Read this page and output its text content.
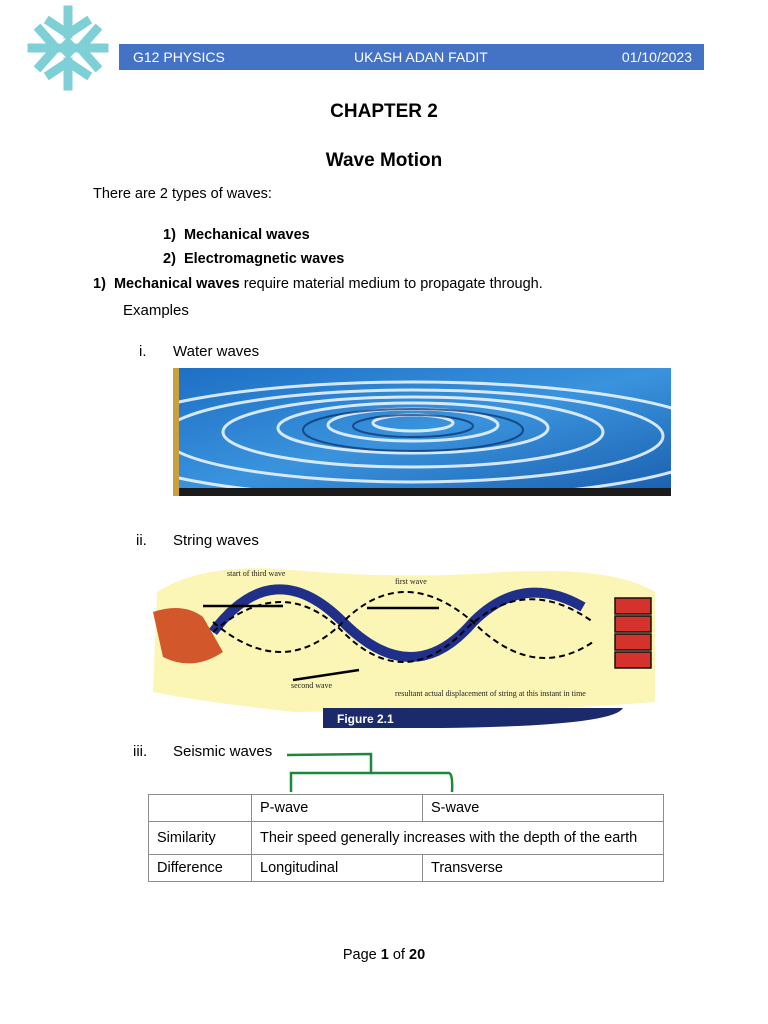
G12 PHYSICS	UKASH ADAN FADIT	01/10/2023
CHAPTER 2
Wave Motion
There are 2 types of waves:
1) Mechanical waves
2) Electromagnetic waves
1) Mechanical waves require material medium to propagate through.
Examples
i. Water waves
ii. String waves
start of third wave
first wave
second wave
resultant actual displacement of string at this instant in time
Figure 2.1
iii. Seismic waves
	P-wave	S-wave
Similarity	Their speed generally increases with the depth of the earth	
Difference	Longitudinal	Transverse
Page 1 of 20
